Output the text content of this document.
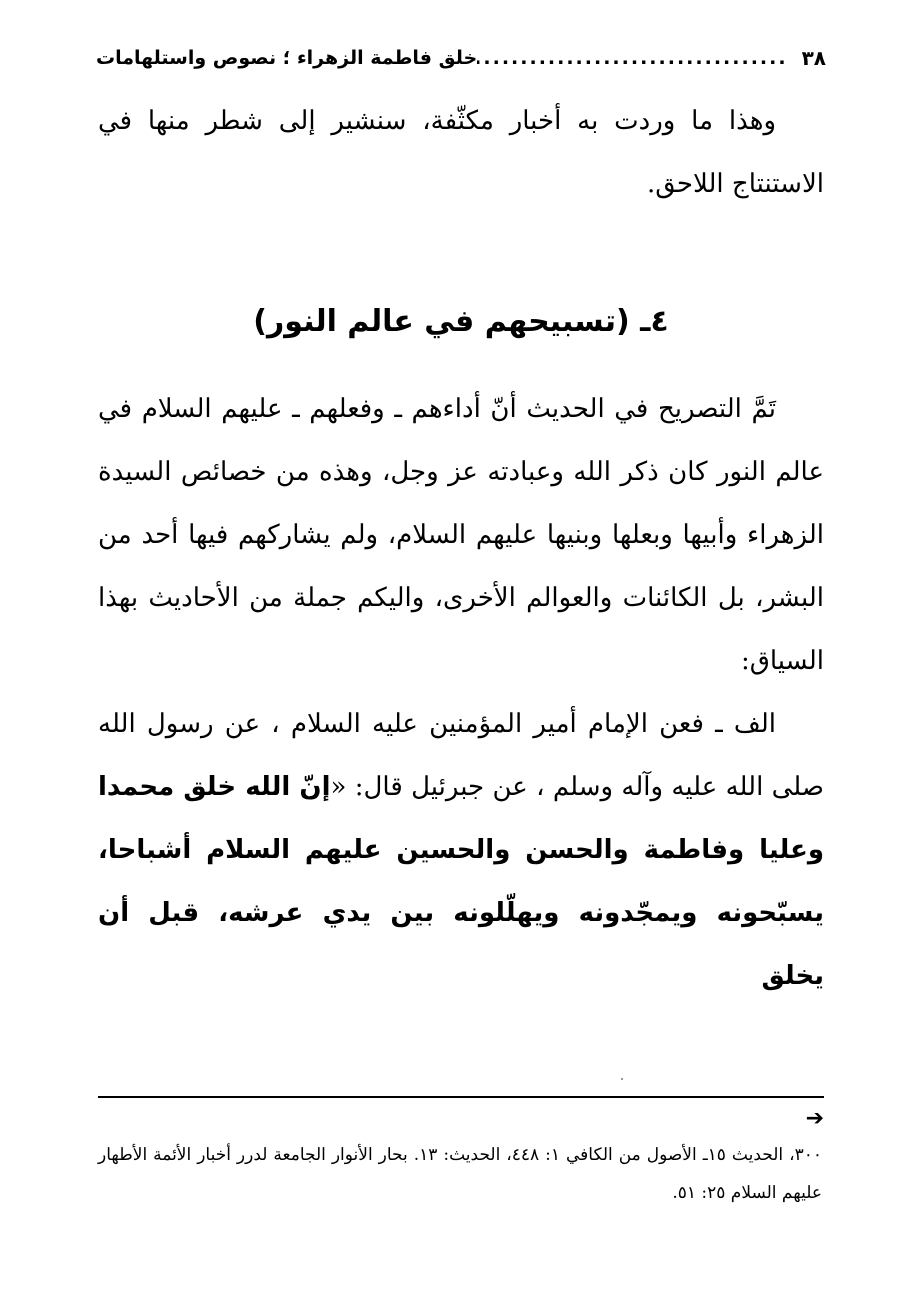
٣٨
.....
خلق فاطمة الزهراء ؛ نصوص واستلهامات

وهذا ما وردت به أخبار مكثّفة، سنشير إلى شطر منها في الاستنتاج اللاحق.

٤ـ (تسبيحهم في عالم النور)

تَمَّ التصريح في الحديث أنّ أداءهم ـ وفعلهم ـ عليهم السلام في عالم النور كان ذكر الله وعبادته عز وجل، وهذه من خصائص السيدة الزهراء وأبيها وبعلها وبنيها عليهم السلام، ولم يشاركهم فيها أحد من البشر، بل الكائنات والعوالم الأخرى، واليكم جملة من الأحاديث بهذا السياق:

الف ـ فعن الإمام أمير المؤمنين عليه السلام ، عن رسول الله صلى الله عليه وآله وسلم ، عن جبرئيل قال: «إنّ الله خلق محمدا وعليا وفاطمة والحسن والحسين عليهم السلام أشباحا، يسبّحونه ويمجّدونه ويهلّلونه بين يدي عرشه، قبل أن يخلق

➔
٣٠٠، الحديث ١٥ـ الأصول من الكافي ١: ٤٤٨، الحديث: ١٣. بحار الأنوار الجامعة لدرر أخبار الأئمة الأطهار عليهم السلام ٢٥: ٥١.
